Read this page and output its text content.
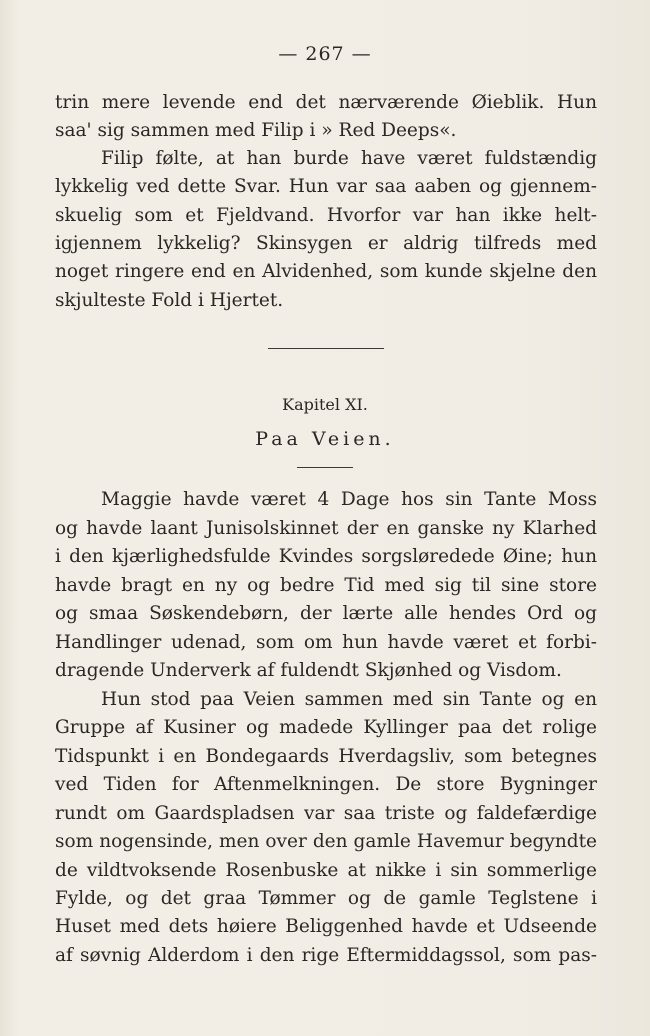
— 267 —
trin mere levende end det nærværende Øieblik. Hun
saa' sig sammen med Filip i » Red Deeps«.
Filip følte, at han burde have været fuldstændig
lykkelig ved dette Svar. Hun var saa aaben og gjennem-
skuelig som et Fjeldvand. Hvorfor var han ikke helt-
igjennem lykkelig? Skinsygen er aldrig tilfreds med
noget ringere end en Alvidenhed, som kunde skjelne den
skjulteste Fold i Hjertet.
Kapitel XI.
Paa Veien.
Maggie havde været 4 Dage hos sin Tante Moss
og havde laant Junisolskinnet der en ganske ny Klarhed
i den kjærlighedsfulde Kvindes sorgsløredede Øine; hun
havde bragt en ny og bedre Tid med sig til sine store
og smaa Søskendebørn, der lærte alle hendes Ord og
Handlinger udenad, som om hun havde været et forbi-
dragende Underverk af fuldendt Skjønhed og Visdom.
Hun stod paa Veien sammen med sin Tante og en
Gruppe af Kusiner og madede Kyllinger paa det rolige
Tidspunkt i en Bondegaards Hverdagsliv, som betegnes
ved Tiden for Aftenmelkningen. De store Bygninger
rundt om Gaardspladsen var saa triste og faldefærdige
som nogensinde, men over den gamle Havemur begyndte
de vildtvoksende Rosenbuske at nikke i sin sommerlige
Fylde, og det graa Tømmer og de gamle Teglstene i
Huset med dets høiere Beliggenhed havde et Udseende
af søvnig Alderdom i den rige Eftermiddagssol, som pas-
